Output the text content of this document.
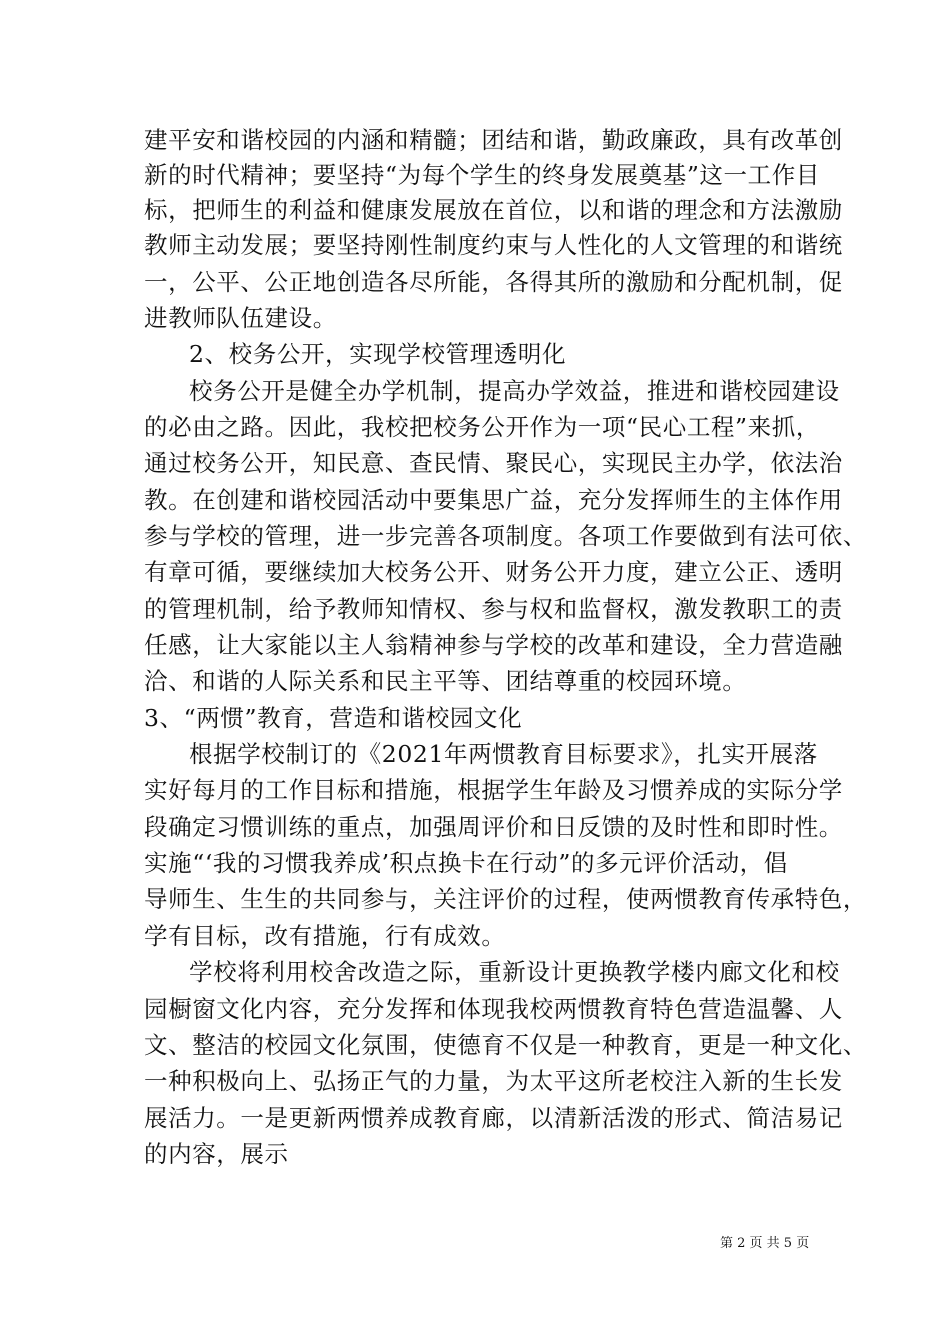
建平安和谐校园的内涵和精髓；团结和谐，勤政廉政，具有改革创
新的时代精神；要坚持“为每个学生的终身发展奠基”这一工作目
标，把师生的利益和健康发展放在首位，以和谐的理念和方法激励
教师主动发展；要坚持刚性制度约束与人性化的人文管理的和谐统
一，公平、公正地创造各尽所能，各得其所的激励和分配机制，促
进教师队伍建设。
2、校务公开，实现学校管理透明化
校务公开是健全办学机制，提高办学效益，推进和谐校园建设
的必由之路。因此，我校把校务公开作为一项“民心工程”来抓，
通过校务公开，知民意、查民情、聚民心，实现民主办学，依法治
教。在创建和谐校园活动中要集思广益，充分发挥师生的主体作用
参与学校的管理，进一步完善各项制度。各项工作要做到有法可依、
有章可循，要继续加大校务公开、财务公开力度，建立公正、透明
的管理机制，给予教师知情权、参与权和监督权，激发教职工的责
任感，让大家能以主人翁精神参与学校的改革和建设，全力营造融
洽、和谐的人际关系和民主平等、团结尊重的校园环境。
3、“两惯”教育，营造和谐校园文化
根据学校制订的《2021年两惯教育目标要求》，扎实开展落
实好每月的工作目标和措施，根据学生年龄及习惯养成的实际分学
段确定习惯训练的重点，加强周评价和日反馈的及时性和即时性。
实施“‘我的习惯我养成’积点换卡在行动”的多元评价活动，倡
导师生、生生的共同参与，关注评价的过程，使两惯教育传承特色，
学有目标，改有措施，行有成效。
学校将利用校舍改造之际，重新设计更换教学楼内廊文化和校
园橱窗文化内容，充分发挥和体现我校两惯教育特色营造温馨、人
文、整洁的校园文化氛围，使德育不仅是一种教育，更是一种文化、
一种积极向上、弘扬正气的力量，为太平这所老校注入新的生长发
展活力。一是更新两惯养成教育廊，以清新活泼的形式、简洁易记
的内容，展示
第 2 页 共 5 页
